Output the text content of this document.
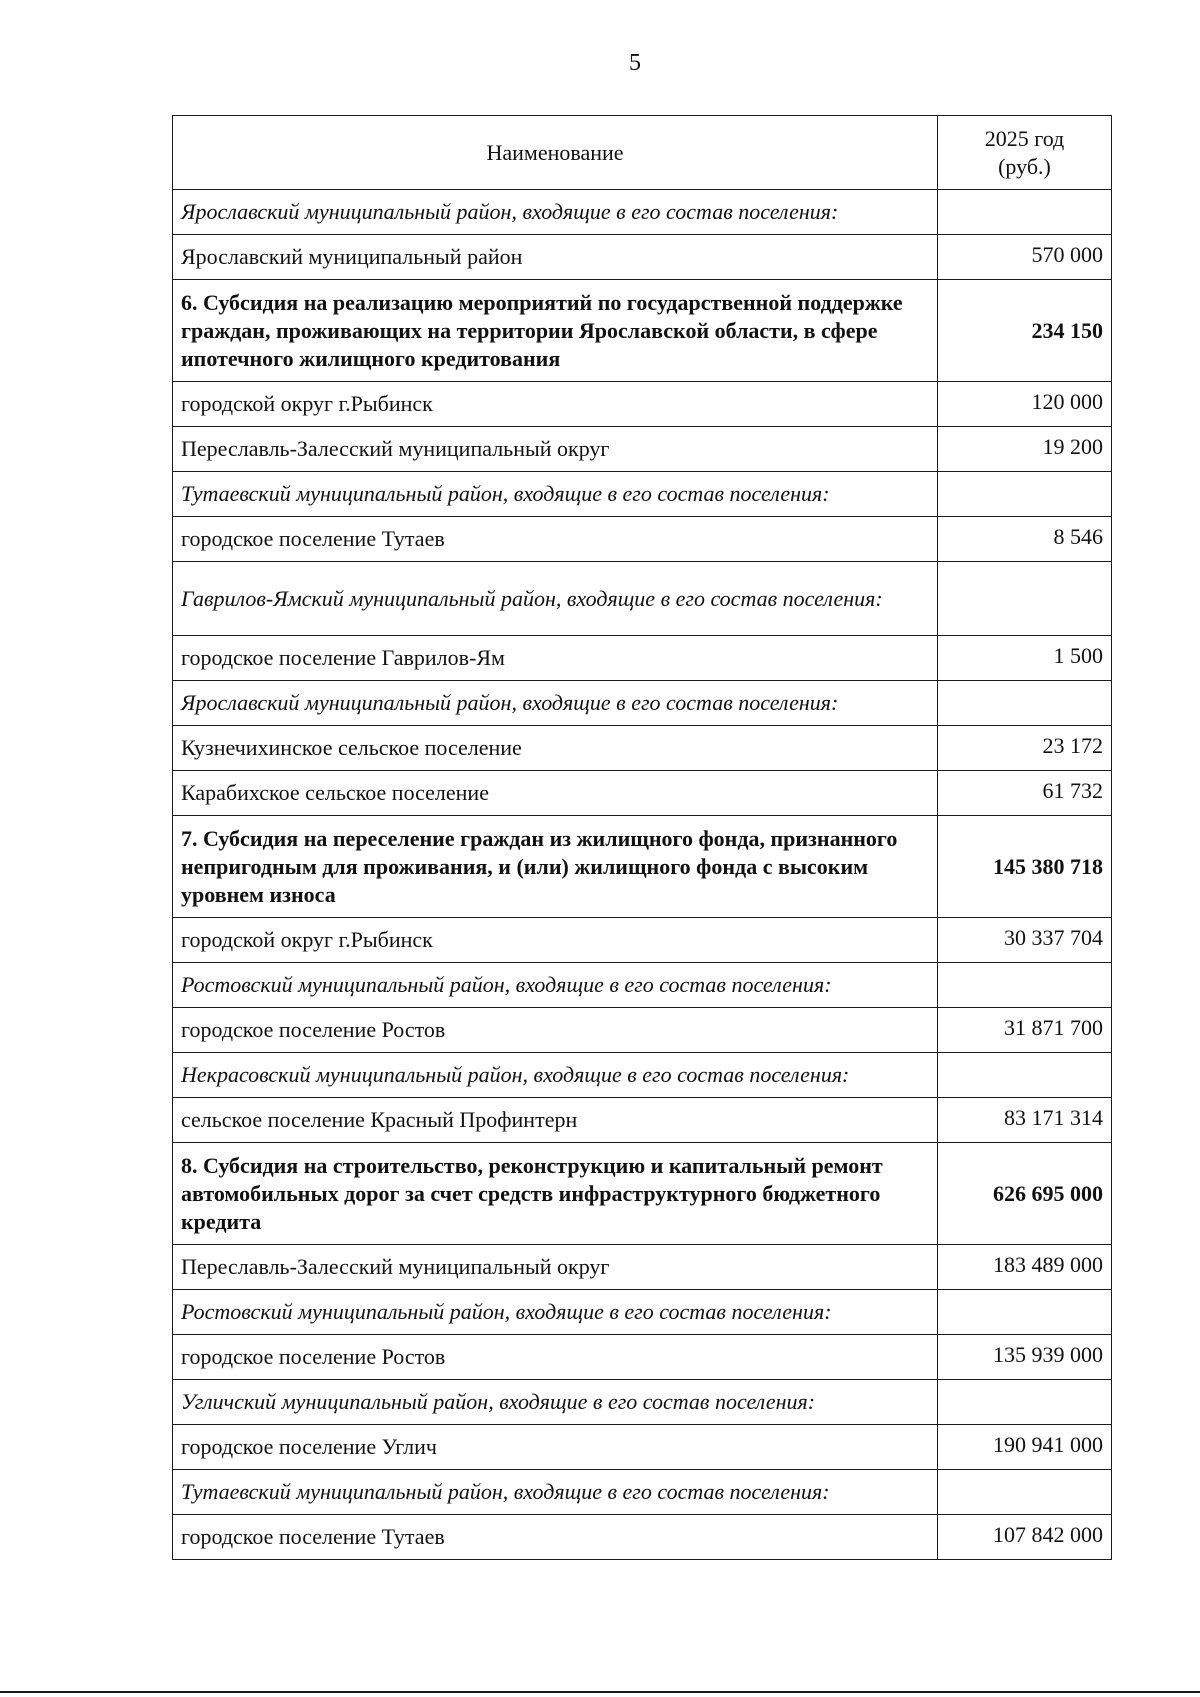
5
Наименование	2025 год
(руб.)
Ярославский муниципальный район, входящие в его состав поселения:	
Ярославский муниципальный район	570 000
6. Субсидия на реализацию мероприятий по государственной поддержке граждан, проживающих на территории Ярославской области, в сфере ипотечного жилищного кредитования	234 150
городской округ г.Рыбинск	120 000
Переславль-Залесский муниципальный округ	19 200
Тутаевский муниципальный район, входящие в его состав поселения:	
городское поселение Тутаев	8 546
Гаврилов-Ямский муниципальный район, входящие в его состав поселения:	
городское поселение Гаврилов-Ям	1 500
Ярославский муниципальный район, входящие в его состав поселения:	
Кузнечихинское сельское поселение	23 172
Карабихское сельское поселение	61 732
7. Субсидия на переселение граждан из жилищного фонда, признанного непригодным для проживания, и (или) жилищного фонда с высоким уровнем износа	145 380 718
городской округ г.Рыбинск	30 337 704
Ростовский муниципальный район, входящие в его состав поселения:	
городское поселение Ростов	31 871 700
Некрасовский муниципальный район, входящие в его состав поселения:	
сельское поселение Красный Профинтерн	83 171 314
8. Субсидия на строительство, реконструкцию и капитальный ремонт автомобильных дорог за счет средств инфраструктурного бюджетного кредита	626 695 000
Переславль-Залесский муниципальный округ	183 489 000
Ростовский муниципальный район, входящие в его состав поселения:	
городское поселение Ростов	135 939 000
Угличский муниципальный район, входящие в его состав поселения:	
городское поселение Углич	190 941 000
Тутаевский муниципальный район, входящие в его состав поселения:	
городское поселение Тутаев	107 842 000
